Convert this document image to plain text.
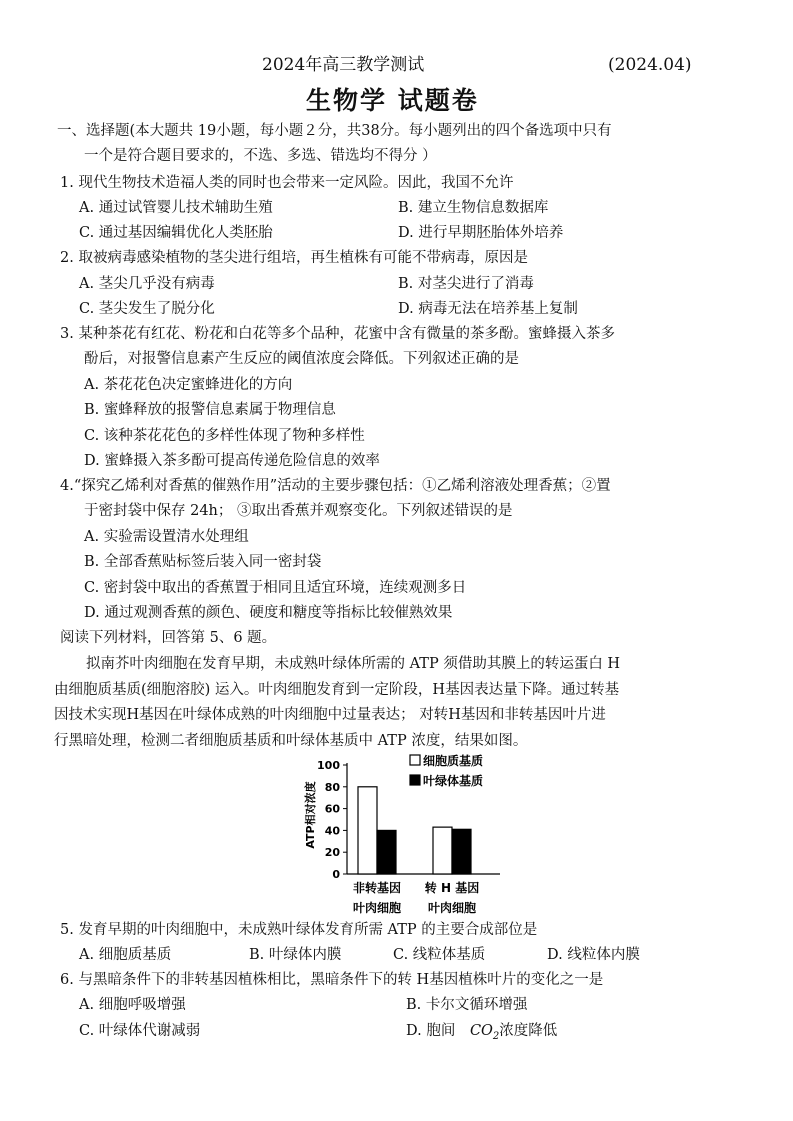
2024年高三教学测试	(2024.04)
生物学 试题卷
一、选择题(本大题共 19小题，每小题２分，共38分。每小题列出的四个备选项中只有
一个是符合题目要求的，不选、多选、错选均不得分 ）
1. 现代生物技术造福人类的同时也会带来一定风险。因此，我国不允许
A. 通过试管婴儿技术辅助生殖	B. 建立生物信息数据库
C. 通过基因编辑优化人类胚胎	D. 进行早期胚胎体外培养
2. 取被病毒感染植物的茎尖进行组培，再生植株有可能不带病毒，原因是
A. 茎尖几乎没有病毒	B. 对茎尖进行了消毒
C. 茎尖发生了脱分化	D. 病毒无法在培养基上复制
3. 某种茶花有红花、粉花和白花等多个品种，花蜜中含有微量的茶多酚。蜜蜂摄入茶多
酚后，对报警信息素产生反应的阈值浓度会降低。下列叙述正确的是
A. 茶花花色决定蜜蜂进化的方向
B. 蜜蜂释放的报警信息素属于物理信息
C. 该种茶花花色的多样性体现了物种多样性
D. 蜜蜂摄入茶多酚可提高传递危险信息的效率
4.“探究乙烯利对香蕉的催熟作用”活动的主要步骤包括：①乙烯利溶液处理香蕉；②置
于密封袋中保存 24h； ③取出香蕉并观察变化。下列叙述错误的是
A. 实验需设置清水处理组
B. 全部香蕉贴标签后装入同一密封袋
C. 密封袋中取出的香蕉置于相同且适宜环境，连续观测多日
D. 通过观测香蕉的颜色、硬度和糖度等指标比较催熟效果
阅读下列材料，回答第 5、6 题。
拟南芥叶肉细胞在发育早期，未成熟叶绿体所需的 ATP 须借助其膜上的转运蛋白 H
由细胞质基质(细胞溶胶) 运入。叶肉细胞发育到一定阶段，H基因表达量下降。通过转基
因技术实现H基因在叶绿体成熟的叶肉细胞中过量表达； 对转H基因和非转基因叶片进
行黑暗处理，检测二者细胞质基质和叶绿体基质中 ATP 浓度，结果如图。
ATP相对浓度
0
20
40
60
80
100
非转基因
叶肉细胞
转 H 基因
叶肉细胞
细胞质基质
叶绿体基质
5. 发育早期的叶肉细胞中，未成熟叶绿体发育所需 ATP 的主要合成部位是
A. 细胞质基质	B. 叶绿体内膜	C. 线粒体基质	D. 线粒体内膜
6. 与黑暗条件下的非转基因植株相比，黑暗条件下的转 H基因植株叶片的变化之一是
A. 细胞呼吸增强	B. 卡尔文循环增强
C. 叶绿体代谢减弱	D. 胞间 $CO_2$浓度降低
